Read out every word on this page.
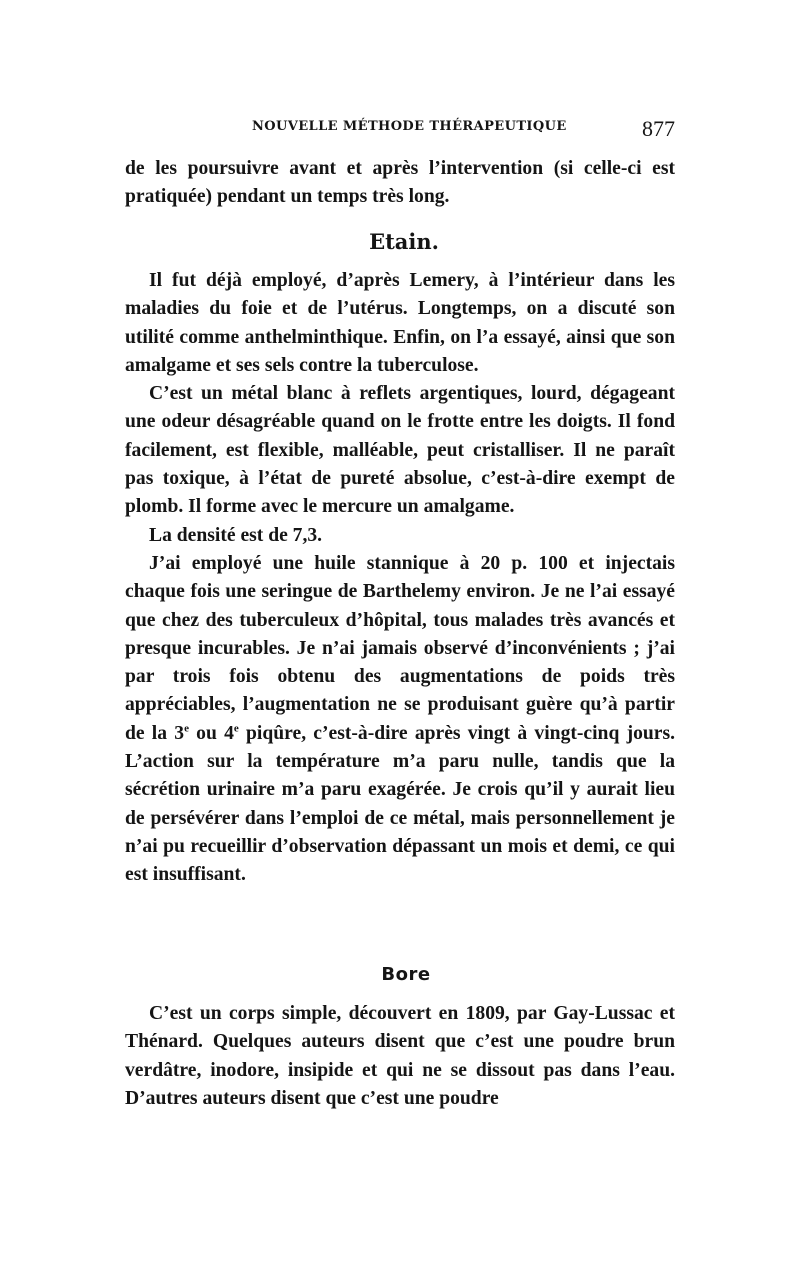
NOUVELLE MÉTHODE THÉRAPEUTIQUE	877

de les poursuivre avant et après l’intervention (si celle-ci est pratiquée) pendant un temps très long.

Etain.

Il fut déjà employé, d’après Lemery, à l’intérieur dans les maladies du foie et de l’utérus. Longtemps, on a discuté son utilité comme anthelminthique. Enfin, on l’a essayé, ainsi que son amalgame et ses sels contre la tuberculose.

C’est un métal blanc à reflets argentiques, lourd, dégageant une odeur désagréable quand on le frotte entre les doigts. Il fond facilement, est flexible, malléable, peut cristalliser. Il ne paraît pas toxique, à l’état de pureté absolue, c’est-à-dire exempt de plomb. Il forme avec le mercure un amalgame.

La densité est de 7,3.

J’ai employé une huile stannique à 20 p. 100 et injectais chaque fois une seringue de Barthelemy environ. Je ne l’ai essayé que chez des tuberculeux d’hôpital, tous malades très avancés et presque incurables. Je n’ai jamais observé d’inconvénients ; j’ai par trois fois obtenu des augmentations de poids très appréciables, l’augmentation ne se produisant guère qu’à partir de la 3e ou 4e piqûre, c’est-à-dire après vingt à vingt-cinq jours. L’action sur la température m’a paru nulle, tandis que la sécrétion urinaire m’a paru exagérée. Je crois qu’il y aurait lieu de persévérer dans l’emploi de ce métal, mais personnellement je n’ai pu recueillir d’observation dépassant un mois et demi, ce qui est insuffisant.

Bore

C’est un corps simple, découvert en 1809, par Gay-Lussac et Thénard. Quelques auteurs disent que c’est une poudre brun verdâtre, inodore, insipide et qui ne se dissout pas dans l’eau. D’autres auteurs disent que c’est une poudre
